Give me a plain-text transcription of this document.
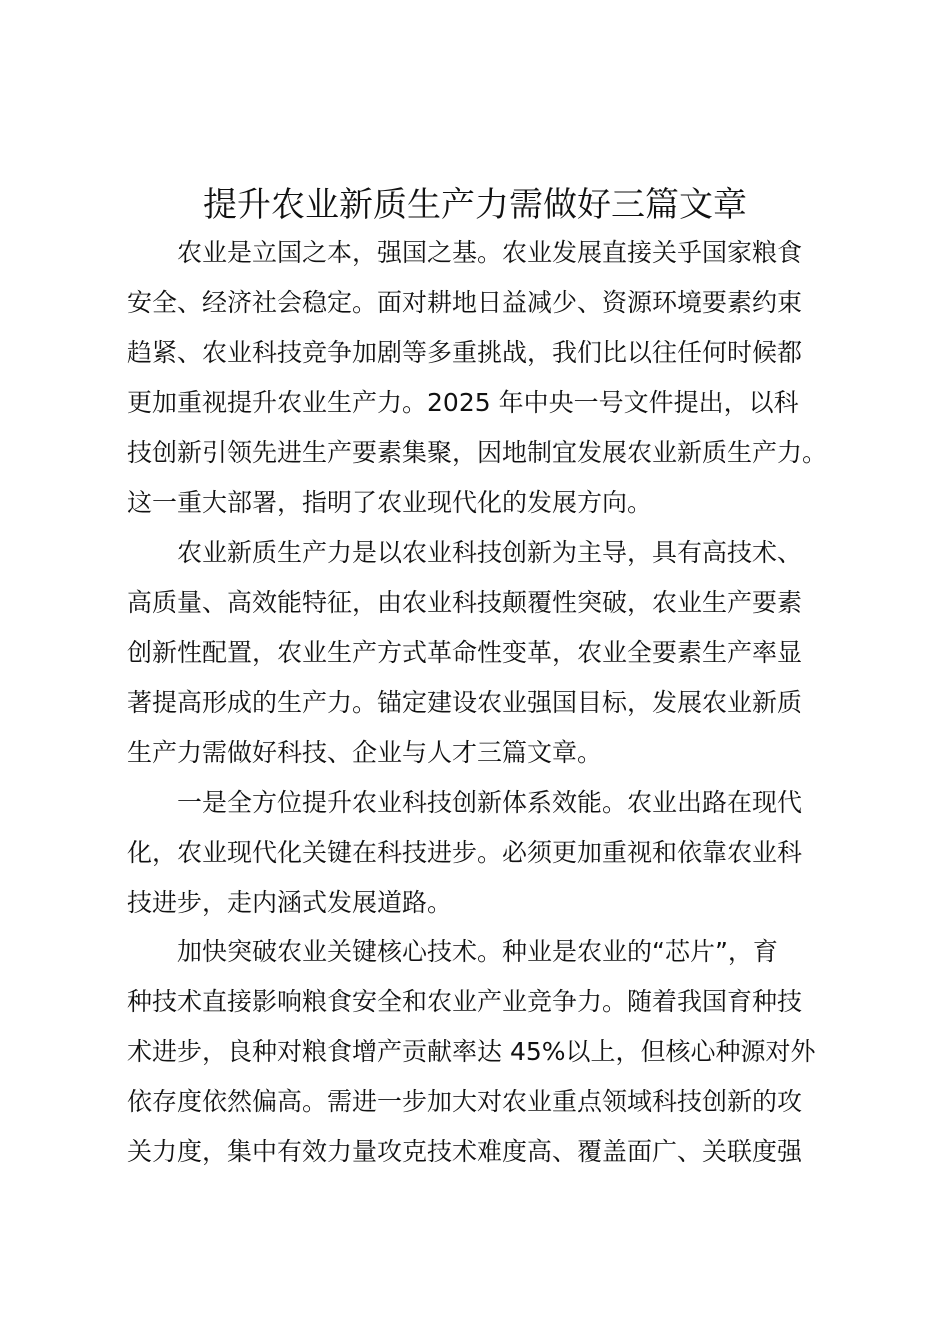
提升农业新质生产力需做好三篇文章
农业是立国之本，强国之基。农业发展直接关乎国家粮食
安全、经济社会稳定。面对耕地日益减少、资源环境要素约束
趋紧、农业科技竞争加剧等多重挑战，我们比以往任何时候都
更加重视提升农业生产力。2025 年中央一号文件提出，以科
技创新引领先进生产要素集聚，因地制宜发展农业新质生产力。
这一重大部署，指明了农业现代化的发展方向。
农业新质生产力是以农业科技创新为主导，具有高技术、
高质量、高效能特征，由农业科技颠覆性突破，农业生产要素
创新性配置，农业生产方式革命性变革，农业全要素生产率显
著提高形成的生产力。锚定建设农业强国目标，发展农业新质
生产力需做好科技、企业与人才三篇文章。
一是全方位提升农业科技创新体系效能。农业出路在现代
化，农业现代化关键在科技进步。必须更加重视和依靠农业科
技进步，走内涵式发展道路。
加快突破农业关键核心技术。种业是农业的“芯片”，育
种技术直接影响粮食安全和农业产业竞争力。随着我国育种技
术进步，良种对粮食增产贡献率达 45%以上，但核心种源对外
依存度依然偏高。需进一步加大对农业重点领域科技创新的攻
关力度，集中有效力量攻克技术难度高、覆盖面广、关联度强
